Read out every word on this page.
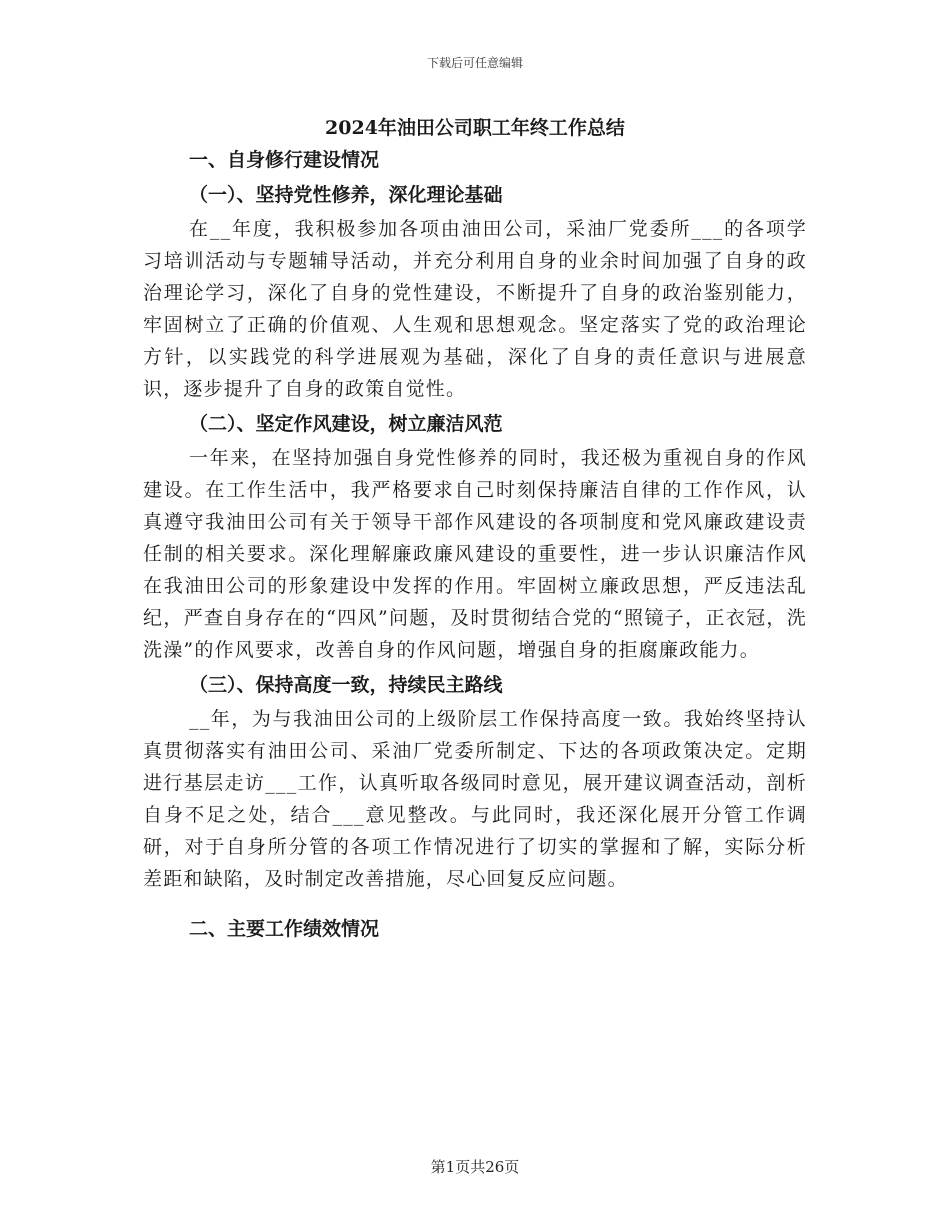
下载后可任意编辑
2024年油田公司职工年终工作总结
一、自身修行建设情况
（一）、坚持党性修养，深化理论基础

在__年度，我积极参加各项由油田公司，采油厂党委所___的各项学习培训活动与专题辅导活动，并充分利用自身的业余时间加强了自身的政治理论学习，深化了自身的党性建设，不断提升了自身的政治鉴别能力，牢固树立了正确的价值观、人生观和思想观念。坚定落实了党的政治理论方针，以实践党的科学进展观为基础，深化了自身的责任意识与进展意识，逐步提升了自身的政策自觉性。

（二）、坚定作风建设，树立廉洁风范

一年来，在坚持加强自身党性修养的同时，我还极为重视自身的作风建设。在工作生活中，我严格要求自己时刻保持廉洁自律的工作作风，认真遵守我油田公司有关于领导干部作风建设的各项制度和党风廉政建设责任制的相关要求。深化理解廉政廉风建设的重要性，进一步认识廉洁作风在我油田公司的形象建设中发挥的作用。牢固树立廉政思想，严反违法乱纪，严查自身存在的“四风”问题，及时贯彻结合党的“照镜子，正衣冠，洗洗澡”的作风要求，改善自身的作风问题，增强自身的拒腐廉政能力。

（三）、保持高度一致，持续民主路线

__年，为与我油田公司的上级阶层工作保持高度一致。我始终坚持认真贯彻落实有油田公司、采油厂党委所制定、下达的各项政策决定。定期进行基层走访___工作，认真听取各级同时意见，展开建议调查活动，剖析自身不足之处，结合___意见整改。与此同时，我还深化展开分管工作调研，对于自身所分管的各项工作情况进行了切实的掌握和了解，实际分析差距和缺陷，及时制定改善措施，尽心回复反应问题。

二、主要工作绩效情况
第1页共26页
